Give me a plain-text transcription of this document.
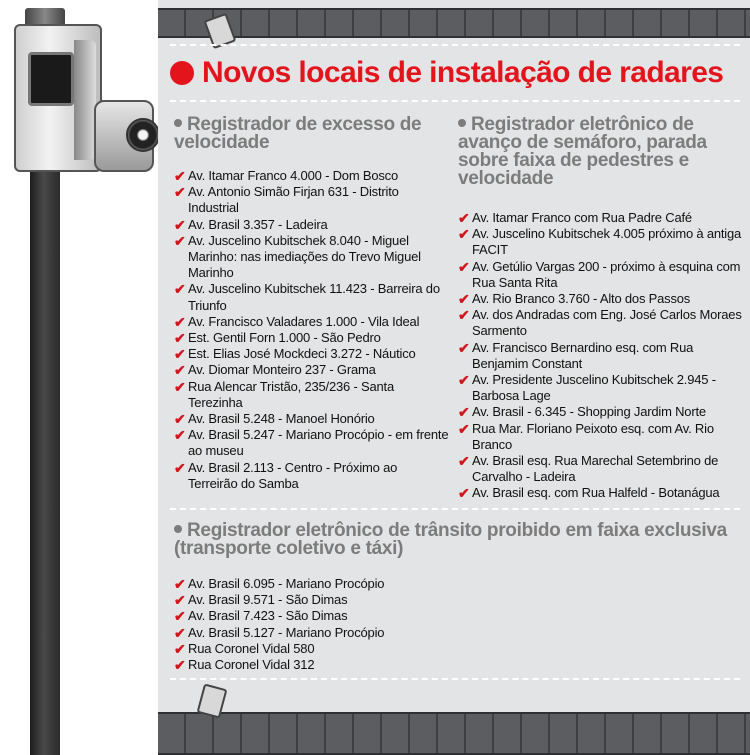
Novos locais de instalação de radares
Registrador de excesso de velocidade
✔ Av. Itamar Franco 4.000 - Dom Bosco
✔ Av. Antonio Simão Firjan 631 - Distrito Industrial
✔ Av. Brasil 3.357 - Ladeira
✔ Av. Juscelino Kubitschek 8.040 - Miguel Marinho: nas imediações do Trevo Miguel Marinho
✔ Av. Juscelino Kubitschek 11.423 - Barreira do Triunfo
✔ Av. Francisco Valadares 1.000 - Vila Ideal
✔ Est. Gentil Forn 1.000 - São Pedro
✔ Est. Elias José Mockdeci 3.272 - Náutico
✔ Av. Diomar Monteiro 237 - Grama
✔ Rua Alencar Tristão, 235/236 - Santa Terezinha
✔ Av. Brasil 5.248 - Manoel Honório
✔ Av. Brasil 5.247 - Mariano Procópio - em frente ao museu
✔ Av. Brasil 2.113 - Centro - Próximo ao Terreirão do Samba
Registrador eletrônico de avanço de semáforo, parada sobre faixa de pedestres e velocidade
✔ Av. Itamar Franco com Rua Padre Café
✔ Av. Juscelino Kubitschek 4.005 próximo à antiga FACIT
✔ Av. Getúlio Vargas 200 - próximo à esquina com Rua Santa Rita
✔ Av. Rio Branco 3.760 - Alto dos Passos
✔ Av. dos Andradas com Eng. José Carlos Moraes Sarmento
✔ Av. Francisco Bernardino esq. com Rua Benjamim Constant
✔ Av. Presidente Juscelino Kubitschek 2.945 - Barbosa Lage
✔ Av. Brasil - 6.345 - Shopping Jardim Norte
✔ Rua Mar. Floriano Peixoto esq. com Av. Rio Branco
✔ Av. Brasil esq. Rua Marechal Setembrino de Carvalho - Ladeira
✔ Av. Brasil esq. com Rua Halfeld - Botanágua
Registrador eletrônico de trânsito proibido em faixa exclusiva (transporte coletivo e táxi)
✔ Av. Brasil 6.095 - Mariano Procópio
✔ Av. Brasil 9.571 - São Dimas
✔ Av. Brasil 7.423 - São Dimas
✔ Av. Brasil 5.127 - Mariano Procópio
✔ Rua Coronel Vidal 580
✔ Rua Coronel Vidal 312
